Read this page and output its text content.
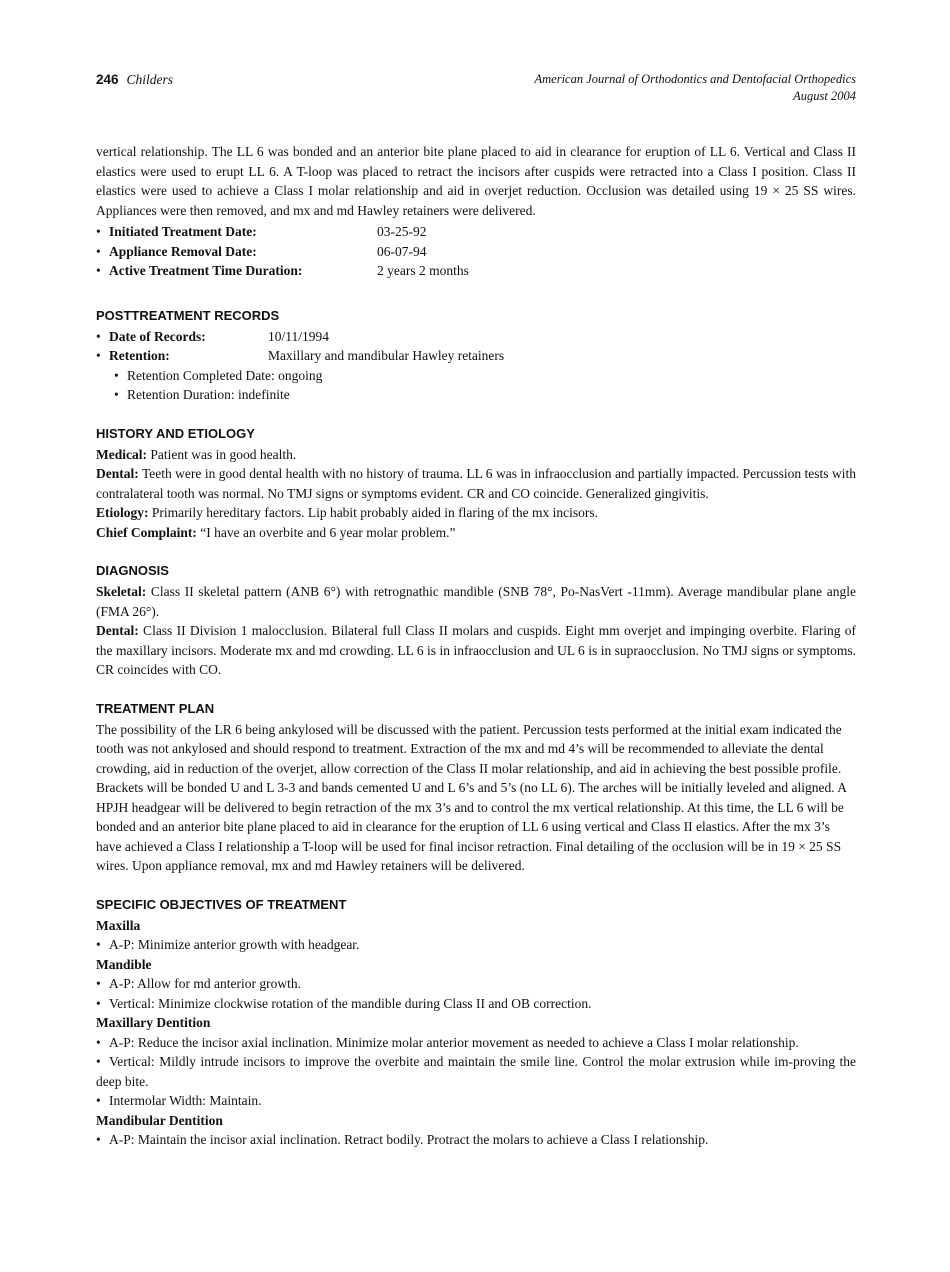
246 Childers	American Journal of Orthodontics and Dentofacial Orthopedics
August 2004

vertical relationship. The LL 6 was bonded and an anterior bite plane placed to aid in clearance for eruption of LL 6. Vertical and Class II elastics were used to erupt LL 6. A T-loop was placed to retract the incisors after cuspids were retracted into a Class I position. Class II elastics were used to achieve a Class I molar relationship and aid in overjet reduction. Occlusion was detailed using 19 × 25 SS wires. Appliances were then removed, and mx and md Hawley retainers were delivered.

• Initiated Treatment Date:	03-25-92
• Appliance Removal Date:	06-07-94
• Active Treatment Time Duration:	2 years 2 months
POSTTREATMENT RECORDS
• Date of Records:	10/11/1994
• Retention:	Maxillary and mandibular Hawley retainers
• Retention Completed Date: ongoing
• Retention Duration: indefinite
HISTORY AND ETIOLOGY

Medical: Patient was in good health.

Dental: Teeth were in good dental health with no history of trauma. LL 6 was in infraocclusion and partially impacted. Percussion tests with contralateral tooth was normal. No TMJ signs or symptoms evident. CR and CO coincide. Generalized gingivitis.

Etiology: Primarily hereditary factors. Lip habit probably aided in flaring of the mx incisors.

Chief Complaint: “I have an overbite and 6 year molar problem.”

DIAGNOSIS

Skeletal: Class II skeletal pattern (ANB 6°) with retrognathic mandible (SNB 78°, Po-NasVert -11mm). Average mandibular plane angle (FMA 26°).

Dental: Class II Division 1 malocclusion. Bilateral full Class II molars and cuspids. Eight mm overjet and impinging overbite. Flaring of the maxillary incisors. Moderate mx and md crowding. LL 6 is in infraocclusion and UL 6 is in supraocclusion. No TMJ signs or symptoms. CR coincides with CO.

TREATMENT PLAN

The possibility of the LR 6 being ankylosed will be discussed with the patient. Percussion tests performed at the initial exam indicated the tooth was not ankylosed and should respond to treatment. Extraction of the mx and md 4’s will be recommended to alleviate the dental crowding, aid in reduction of the overjet, allow correction of the Class II molar relationship, and aid in achieving the best possible profile. Brackets will be bonded U and L 3-3 and bands cemented U and L 6’s and 5’s (no LL 6). The arches will be initially leveled and aligned. A HPJH headgear will be delivered to begin retraction of the mx 3’s and to control the mx vertical relationship. At this time, the LL 6 will be bonded and an anterior bite plane placed to aid in clearance for the eruption of LL 6 using vertical and Class II elastics. After the mx 3’s have achieved a Class I relationship a T-loop will be used for final incisor retraction. Final detailing of the occlusion will be in 19 × 25 SS wires. Upon appliance removal, mx and md Hawley retainers will be delivered.

SPECIFIC OBJECTIVES OF TREATMENT
Maxilla
• A-P: Minimize anterior growth with headgear.
Mandible
• A-P: Allow for md anterior growth.
• Vertical: Minimize clockwise rotation of the mandible during Class II and OB correction.
Maxillary Dentition
• A-P: Reduce the incisor axial inclination. Minimize molar anterior movement as needed to achieve a Class I molar relationship.
• Vertical: Mildly intrude incisors to improve the overbite and maintain the smile line. Control the molar extrusion while im-proving the deep bite.
• Intermolar Width: Maintain.
Mandibular Dentition
• A-P: Maintain the incisor axial inclination. Retract bodily. Protract the molars to achieve a Class I relationship.
